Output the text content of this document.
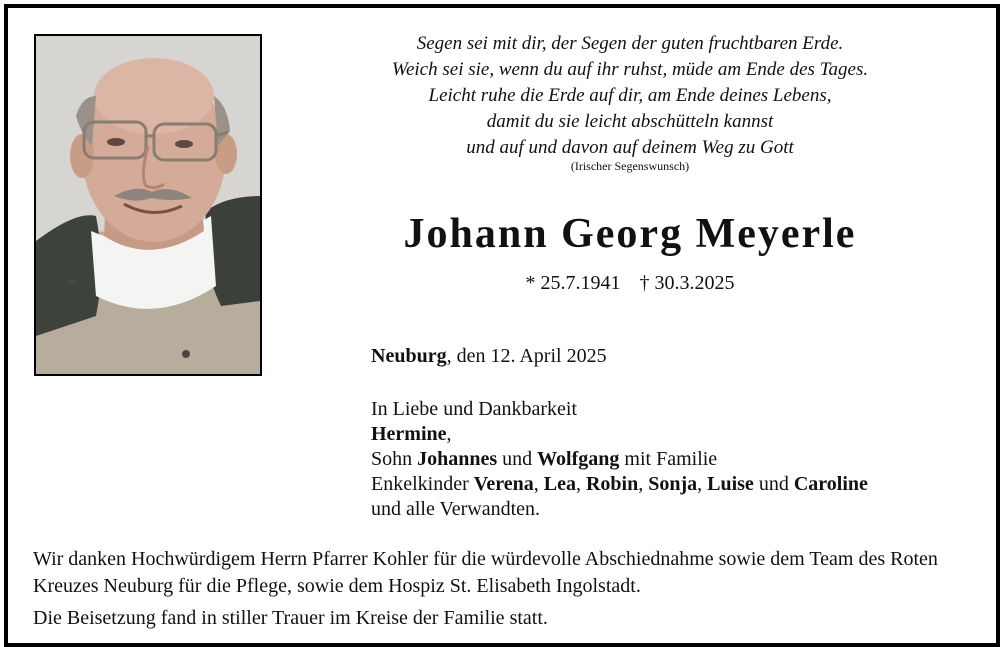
Segen sei mit dir, der Segen der guten fruchtbaren Erde.
Weich sei sie, wenn du auf ihr ruhst, müde am Ende des Tages.
Leicht ruhe die Erde auf dir, am Ende deines Lebens,
damit du sie leicht abschütteln kannst
und auf und davon auf deinem Weg zu Gott
(Irischer Segenswunsch)
Johann Georg Meyerle
* 25.7.1941 † 30.3.2025
Neuburg, den 12. April 2025
In Liebe und Dankbarkeit
Hermine,
Sohn Johannes und Wolfgang mit Familie
Enkelkinder Verena, Lea, Robin, Sonja, Luise und Caroline
und alle Verwandten.
Wir danken Hochwürdigem Herrn Pfarrer Kohler für die würdevolle Abschiednahme sowie dem Team des Roten Kreuzes Neuburg für die Pflege, sowie dem Hospiz St. Elisabeth Ingolstadt.
Die Beisetzung fand in stiller Trauer im Kreise der Familie statt.
